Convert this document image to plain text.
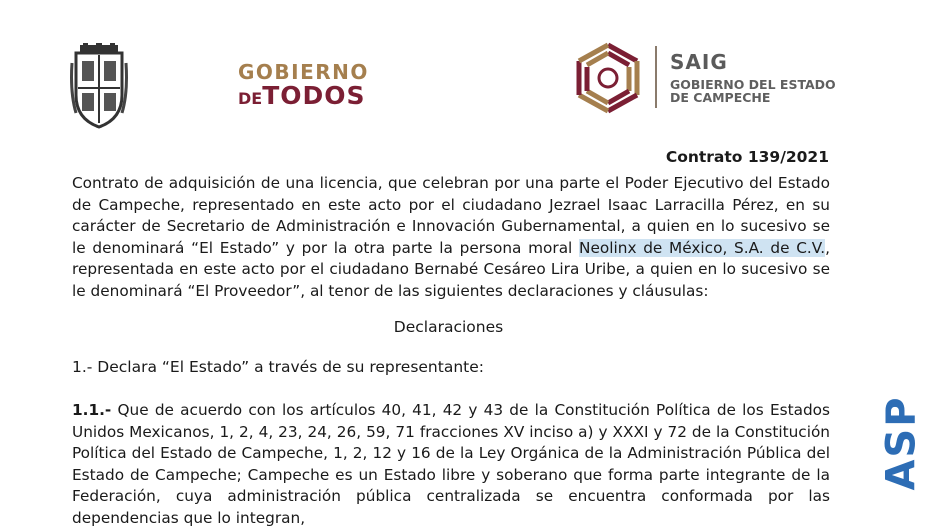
GOBIERNO
DETODOS
SAIG
GOBIERNO DEL ESTADO
DE CAMPECHE
Contrato 139/2021
Contrato de adquisición de una licencia, que celebran por una parte el Poder Ejecutivo del Estado de Campeche, representado en este acto por el ciudadano Jezrael Isaac Larracilla Pérez, en su carácter de Secretario de Administración e Innovación Gubernamental, a quien en lo sucesivo se le denominará “El Estado” y por la otra parte la persona moral Neolinx de México, S.A. de C.V., representada en este acto por el ciudadano Bernabé Cesáreo Lira Uribe, a quien en lo sucesivo se le denominará “El Proveedor”, al tenor de las siguientes declaraciones y cláusulas:
Declaraciones
1.- Declara “El Estado” a través de su representante:
1.1.- Que de acuerdo con los artículos 40, 41, 42 y 43 de la Constitución Política de los Estados Unidos Mexicanos, 1, 2, 4, 23, 24, 26, 59, 71 fracciones XV inciso a) y XXXI y 72 de la Constitución Política del Estado de Campeche, 1, 2, 12 y 16 de la Ley Orgánica de la Administración Pública del Estado de Campeche; Campeche es un Estado libre y soberano que forma parte integrante de la Federación, cuya administración pública centralizada se encuentra conformada por las dependencias que lo integran,
ASP
